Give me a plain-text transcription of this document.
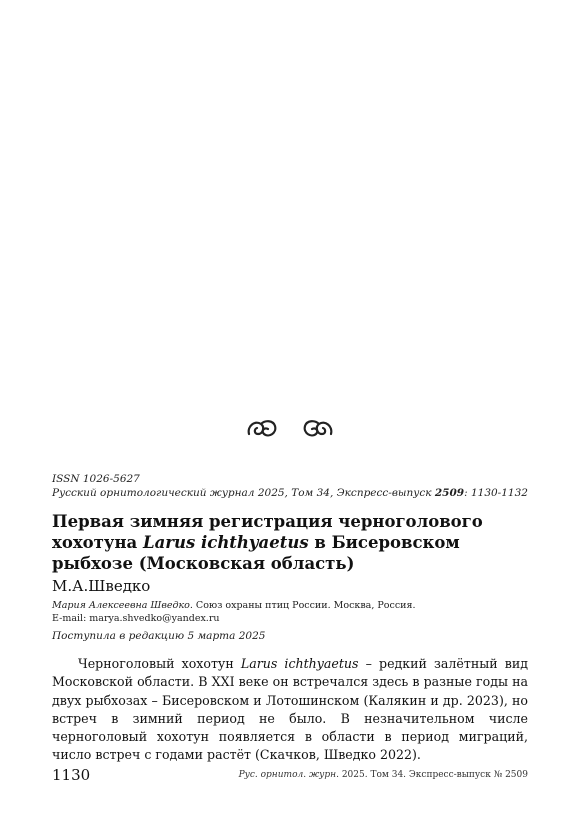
ISSN 1026-5627
Русский орнитологический журнал 2025, Том 34, Экспресс-выпуск 2509: 1130-1132
Первая зимняя регистрация черноголового хохотуна Larus ichthyaetus в Бисеровском рыбхозе (Московская область)
М.А.Шведко
Мария Алексеевна Шведко. Союз охраны птиц России. Москва, Россия.
E-mail: marya.shvedko@yandex.ru
Поступила в редакцию 5 марта 2025

Черноголовый хохотун Larus ichthyaetus – редкий залётный вид Московской области. В XXI веке он встречался здесь в разные годы на двух рыбхозах – Бисеровском и Лотошинском (Калякин и др. 2023), но встреч в зимний период не было. В незначительном числе черноголовый хохотун появляется в области в период миграций, число встреч с годами растёт (Скачков, Шведко 2022).

1130	Рус. орнитол. журн. 2025. Том 34. Экспресс-выпуск № 2509
